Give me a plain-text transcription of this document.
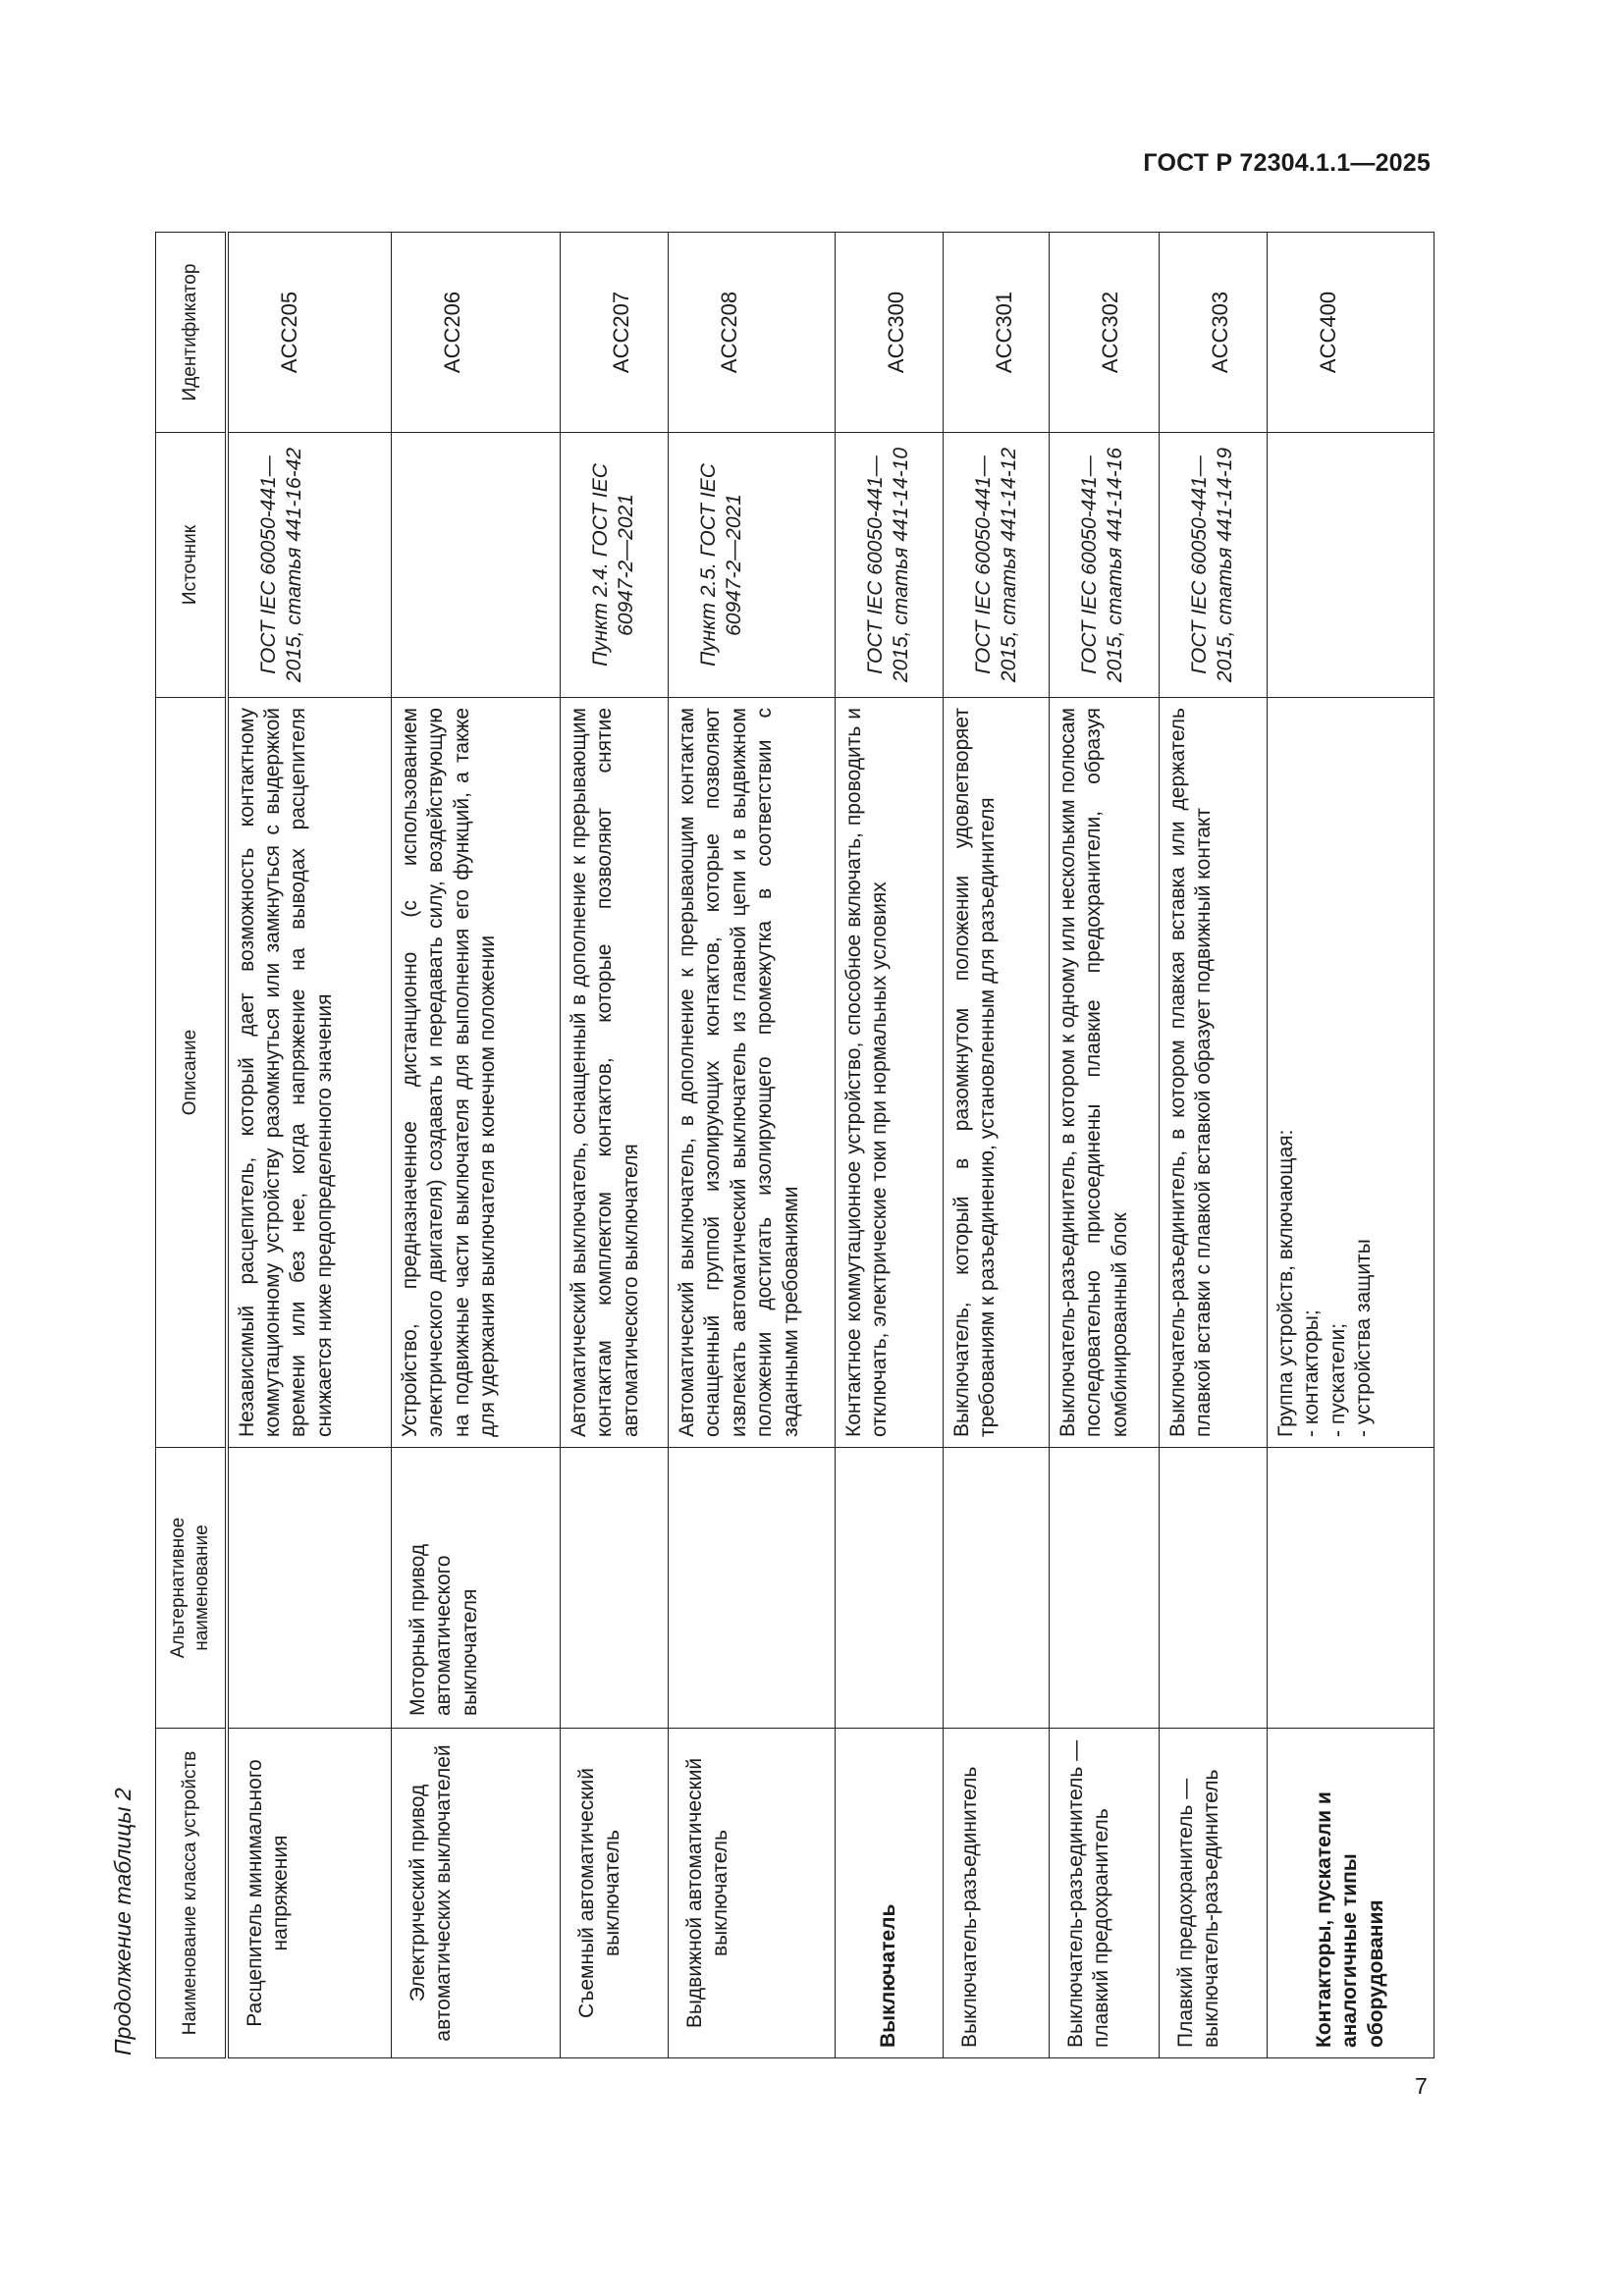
ГОСТ Р 72304.1.1—2025
Продолжение таблицы 2 Наименование класса устройств	Альтернативное наименование	Описание	Источник	Идентификатор
Расцепитель минимального напряжения		Независимый расцепитель, который дает возможность контактному коммутационному устройству разомкнуться или замкнуться с выдержкой времени или без нее, когда напряжение на выводах расцепителя снижается ниже предопределенного значения	ГОСТ IEC 60050-441—2015, статья 441-16-42	ACC205
Электрический привод автоматических выключателей	Моторный привод автоматического выключателя	Устройство, предназначенное дистанционно (с использованием электрического двигателя) создавать и передавать силу, воздействующую на подвижные части выключателя для выполнения его функций, а также для удержания выключателя в конечном положении		ACC206
Съемный автоматический выключатель		Автоматический выключатель, оснащенный в дополнение к прерывающим контактам комплектом контактов, которые позволяют снятие автоматического выключателя	Пункт 2.4. ГОСТ IEC 60947-2—2021	ACC207
Выдвижной автоматический выключатель		Автоматический выключатель, в дополнение к прерывающим контактам оснащенный группой изолирующих контактов, которые позволяют извлекать автоматический выключатель из главной цепи и в выдвижном положении достигать изолирующего промежутка в соответствии с заданными требованиями	Пункт 2.5. ГОСТ IEC 60947-2—2021	ACC208
Выключатель		Контактное коммутационное устройство, способное включать, проводить и отключать, электрические токи при нормальных условиях	ГОСТ IEC 60050-441—2015, статья 441-14-10	ACC300
Выключатель-разъединитель		Выключатель, который в разомкнутом положении удовлетворяет требованиям к разъединению, установленным для разъединителя	ГОСТ IEC 60050-441—2015, статья 441-14-12	ACC301
Выключатель-разъединитель — плавкий предохранитель		Выключатель-разъединитель, в котором к одному или нескольким полюсам последовательно присоединены плавкие предохранители, образуя комбинированный блок	ГОСТ IEC 60050-441—2015, статья 441-14-16	ACC302
Плавкий предохранитель — выключатель-разъединитель		Выключатель-разъединитель, в котором плавкая вставка или держатель плавкой вставки с плавкой вставкой образует подвижный контакт	ГОСТ IEC 60050-441—2015, статья 441-14-19	ACC303
Контакторы, пускатели и аналогичные типы оборудования		Группа устройств, включающая: - контакторы; - пускатели; - устройства защиты		ACC400
7
